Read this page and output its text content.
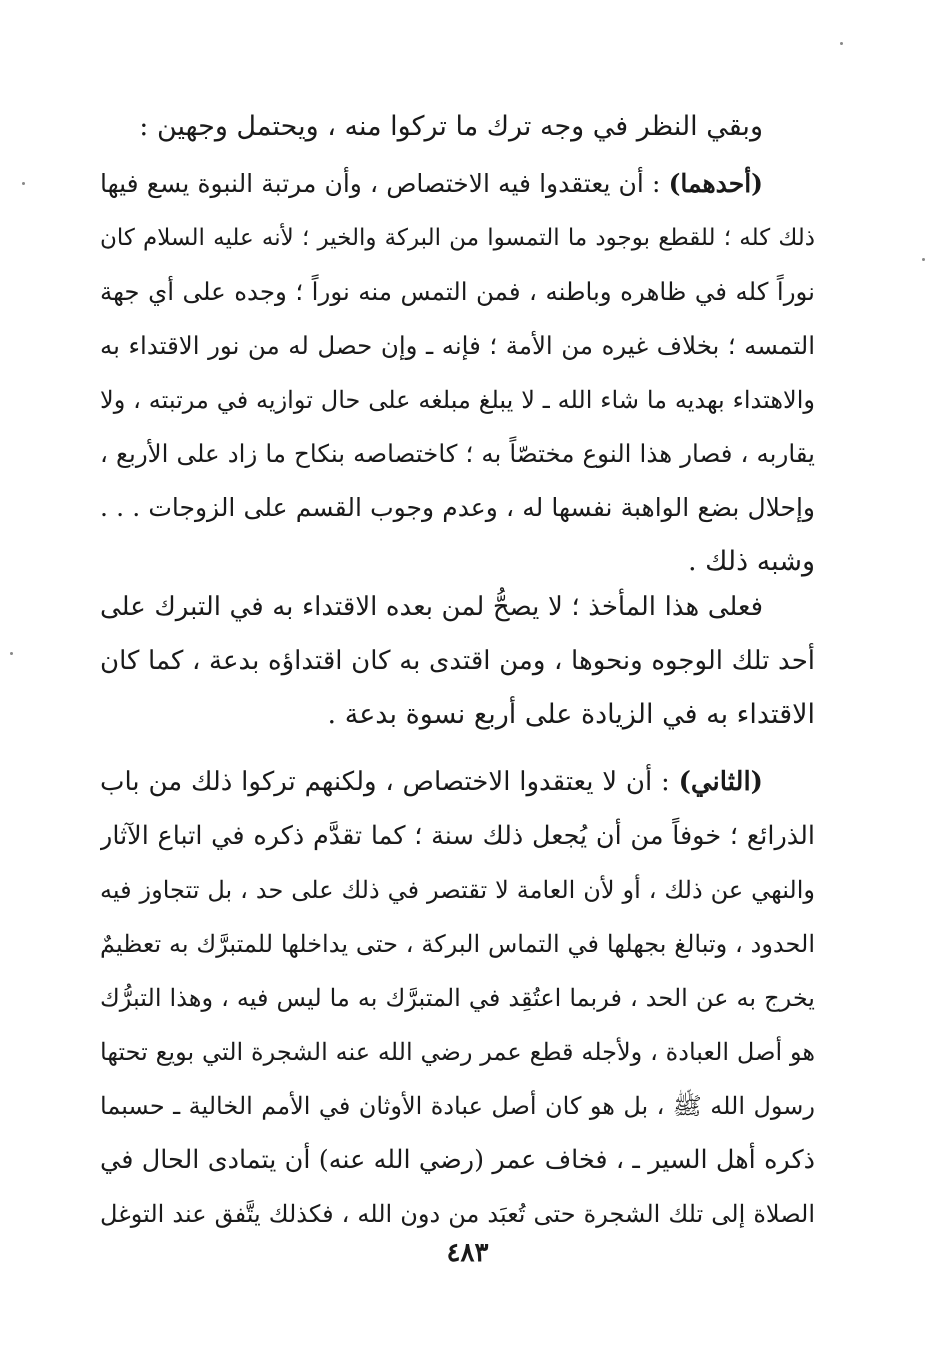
وبقي النظر في وجه ترك ما تركوا منه ، ويحتمل وجهين :
(أحدهما) : أن يعتقدوا فيه الاختصاص ، وأن مرتبة النبوة يسع فيها
ذلك كله ؛ للقطع بوجود ما التمسوا من البركة والخير ؛ لأنه عليه السلام كان
نوراً كله في ظاهره وباطنه ، فمن التمس منه نوراً ؛ وجده على أي جهة
التمسه ؛ بخلاف غيره من الأمة ؛ فإنه ـ وإن حصل له من نور الاقتداء به
والاهتداء بهديه ما شاء الله ـ لا يبلغ مبلغه على حال توازيه في مرتبته ، ولا
يقاربه ، فصار هذا النوع مختصّاً به ؛ كاختصاصه بنكاح ما زاد على الأربع ،
وإحلال بضع الواهبة نفسها له ، وعدم وجوب القسم على الزوجات . . .
وشبه ذلك .
فعلى هذا المأخذ ؛ لا يصحُّ لمن بعده الاقتداء به في التبرك على
أحد تلك الوجوه ونحوها ، ومن اقتدى به كان اقتداؤه بدعة ، كما كان
الاقتداء به في الزيادة على أربع نسوة بدعة .
(الثاني) : أن لا يعتقدوا الاختصاص ، ولكنهم تركوا ذلك من باب
الذرائع ؛ خوفاً من أن يُجعل ذلك سنة ؛ كما تقدَّم ذكره في اتباع الآثار
والنهي عن ذلك ، أو لأن العامة لا تقتصر في ذلك على حد ، بل تتجاوز فيه
الحدود ، وتبالغ بجهلها في التماس البركة ، حتى يداخلها للمتبرَّك به تعظيمٌ
يخرج به عن الحد ، فربما اعتُقِد في المتبرَّك به ما ليس فيه ، وهذا التبرُّك
هو أصل العبادة ، ولأجله قطع عمر رضي الله عنه الشجرة التي بويع تحتها
رسول الله ﷺ ، بل هو كان أصل عبادة الأوثان في الأمم الخالية ـ حسبما
ذكره أهل السير ـ ، فخاف عمر (رضي الله عنه) أن يتمادى الحال في
الصلاة إلى تلك الشجرة حتى تُعبَد من دون الله ، فكذلك يتَّفق عند التوغل
٤٨٣
